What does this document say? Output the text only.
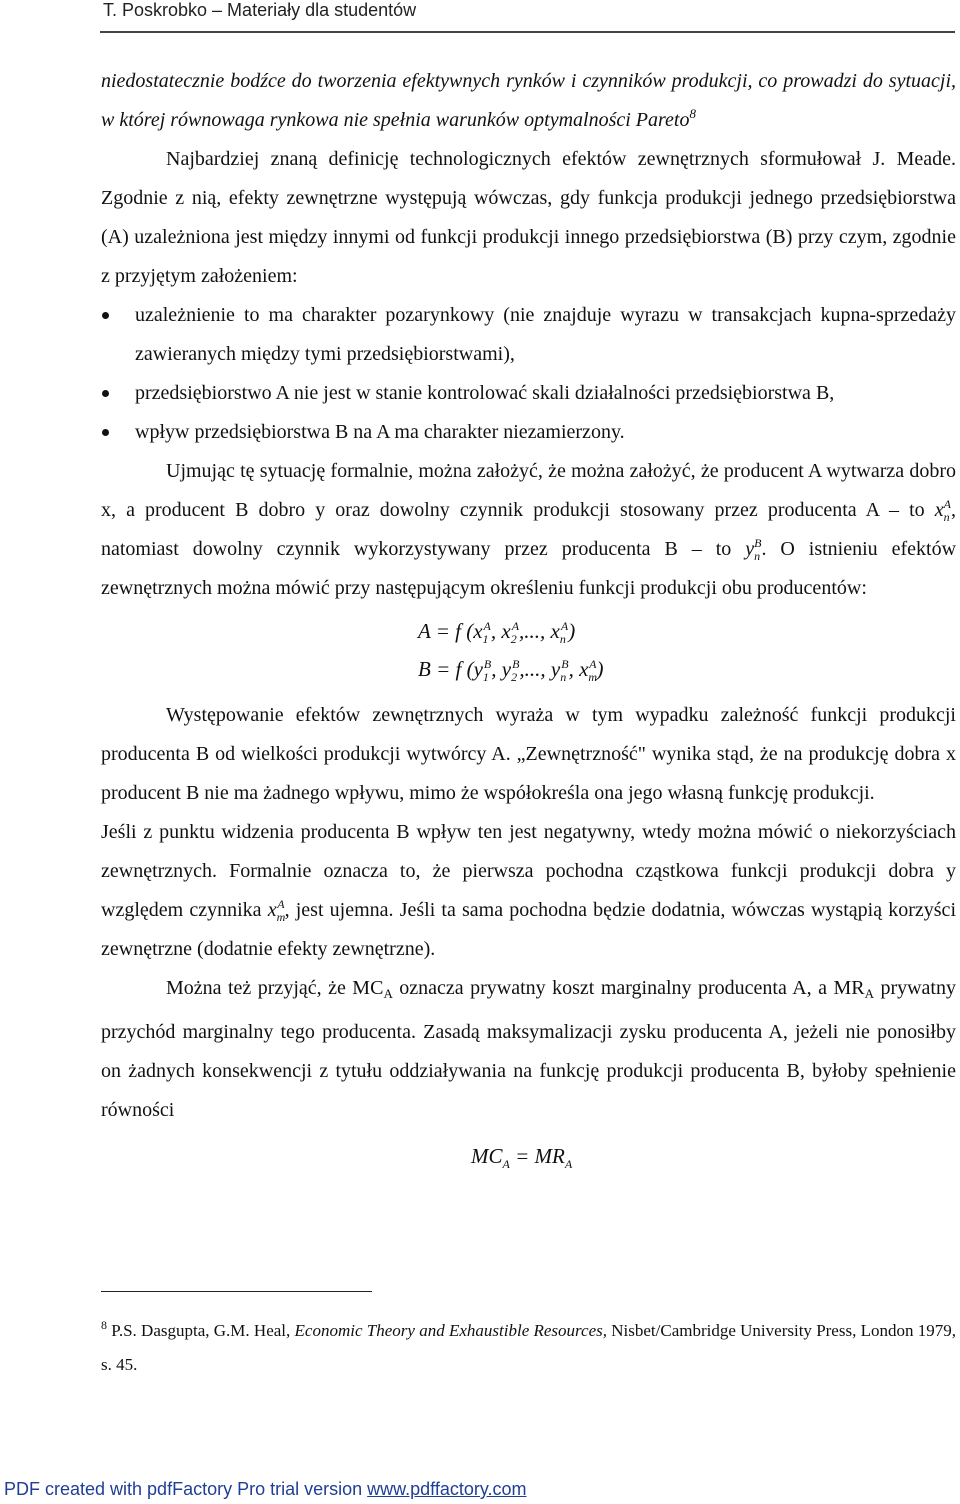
T. Poskrobko – Materiały dla studentów

niedostatecznie bodźce do tworzenia efektywnych rynków i czynników produkcji, co prowadzi do sytuacji, w której równowaga rynkowa nie spełnia warunków optymalności Pareto$^8$

Najbardziej znaną definicję technologicznych efektów zewnętrznych sformułował J. Meade. Zgodnie z nią, efekty zewnętrzne występują wówczas, gdy funkcja produkcji jednego przedsiębiorstwa (A) uzależniona jest między innymi od funkcji produkcji innego przedsiębiorstwa (B) przy czym, zgodnie z przyjętym założeniem:

uzależnienie to ma charakter pozarynkowy (nie znajduje wyrazu w transakcjach kupna-sprzedaży zawieranych między tymi przedsiębiorstwami),
przedsiębiorstwo A nie jest w stanie kontrolować skali działalności przedsiębiorstwa B,
wpływ przedsiębiorstwa B na A ma charakter niezamierzony.

Ujmując tę sytuację formalnie, można założyć, że można założyć, że producent A wytwarza dobro x, a producent B dobro y oraz dowolny czynnik produkcji stosowany przez producenta A – to $x_n^A$, natomiast dowolny czynnik wykorzystywany przez producenta B – to $y_n^B$. O istnieniu efektów zewnętrznych można mówić przy następującym określeniu funkcji produkcji obu producentów:

A = f ($x_1^A$, $x_2^A$,..., $x_n^A$)
B = f ($y_1^B$, $y_2^B$,..., $y_n^B$, $x_m^A$)

Występowanie efektów zewnętrznych wyraża w tym wypadku zależność funkcji produkcji producenta B od wielkości produkcji wytwórcy A. „Zewnętrzność" wynika stąd, że na produkcję dobra x producent B nie ma żadnego wpływu, mimo że współokreśla ona jego własną funkcję produkcji.

Jeśli z punktu widzenia producenta B wpływ ten jest negatywny, wtedy można mówić o niekorzyściach zewnętrznych. Formalnie oznacza to, że pierwsza pochodna cząstkowa funkcji produkcji dobra y względem czynnika $x_m^A$, jest ujemna. Jeśli ta sama pochodna będzie dodatnia, wówczas wystąpią korzyści zewnętrzne (dodatnie efekty zewnętrzne).

Można też przyjąć, że $MC_A$ oznacza prywatny koszt marginalny producenta A, a $MR_A$ prywatny przychód marginalny tego producenta. Zasadą maksymalizacji zysku producenta A, jeżeli nie ponosiłby on żadnych konsekwencji z tytułu oddziaływania na funkcję produkcji producenta B, byłoby spełnienie równości

$MC_A = MR_A$
$^8$ P.S. Dasgupta, G.M. Heal, Economic Theory and Exhaustible Resources, Nisbet/Cambridge University Press, London 1979, s. 45.
PDF created with pdfFactory Pro trial version www.pdffactory.com
